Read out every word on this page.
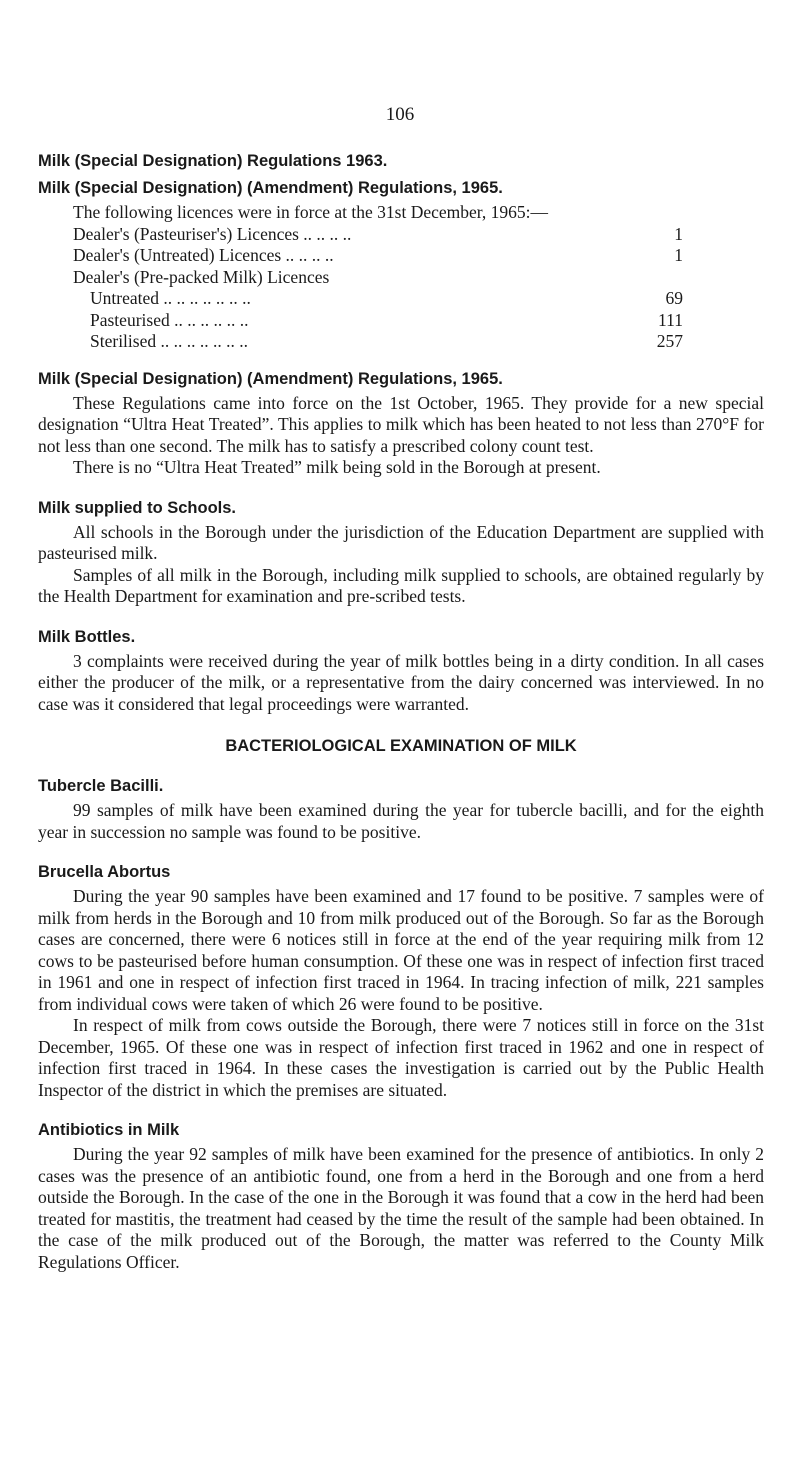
106
Milk (Special Designation) Regulations 1963.
Milk (Special Designation) (Amendment) Regulations, 1965.

The following licences were in force at the 31st December, 1965:—

Dealer's (Pasteuriser's) Licences .. .. .. ..	1
Dealer's (Untreated) Licences .. .. .. ..	1
Dealer's (Pre-packed Milk) Licences
Untreated .. .. .. .. .. .. ..	69
Pasteurised .. .. .. .. .. ..	111
Sterilised .. .. .. .. .. .. ..	257
Milk (Special Designation) (Amendment) Regulations, 1965.

These Regulations came into force on the 1st October, 1965. They provide for a new special designation “Ultra Heat Treated”. This applies to milk which has been heated to not less than 270°F for not less than one second. The milk has to satisfy a prescribed colony count test.

There is no “Ultra Heat Treated” milk being sold in the Borough at present.

Milk supplied to Schools.

All schools in the Borough under the jurisdiction of the Education Department are supplied with pasteurised milk.

Samples of all milk in the Borough, including milk supplied to schools, are obtained regularly by the Health Department for examination and pre-scribed tests.

Milk Bottles.

3 complaints were received during the year of milk bottles being in a dirty condition. In all cases either the producer of the milk, or a representative from the dairy concerned was interviewed. In no case was it considered that legal proceedings were warranted.

BACTERIOLOGICAL EXAMINATION OF MILK
Tubercle Bacilli.

99 samples of milk have been examined during the year for tubercle bacilli, and for the eighth year in succession no sample was found to be positive.

Brucella Abortus

During the year 90 samples have been examined and 17 found to be positive. 7 samples were of milk from herds in the Borough and 10 from milk produced out of the Borough. So far as the Borough cases are concerned, there were 6 notices still in force at the end of the year requiring milk from 12 cows to be pasteurised before human consumption. Of these one was in respect of infection first traced in 1961 and one in respect of infection first traced in 1964. In tracing infection of milk, 221 samples from individual cows were taken of which 26 were found to be positive.

In respect of milk from cows outside the Borough, there were 7 notices still in force on the 31st December, 1965. Of these one was in respect of infection first traced in 1962 and one in respect of infection first traced in 1964. In these cases the investigation is carried out by the Public Health Inspector of the district in which the premises are situated.

Antibiotics in Milk

During the year 92 samples of milk have been examined for the presence of antibiotics. In only 2 cases was the presence of an antibiotic found, one from a herd in the Borough and one from a herd outside the Borough. In the case of the one in the Borough it was found that a cow in the herd had been treated for mastitis, the treatment had ceased by the time the result of the sample had been obtained. In the case of the milk produced out of the Borough, the matter was referred to the County Milk Regulations Officer.
